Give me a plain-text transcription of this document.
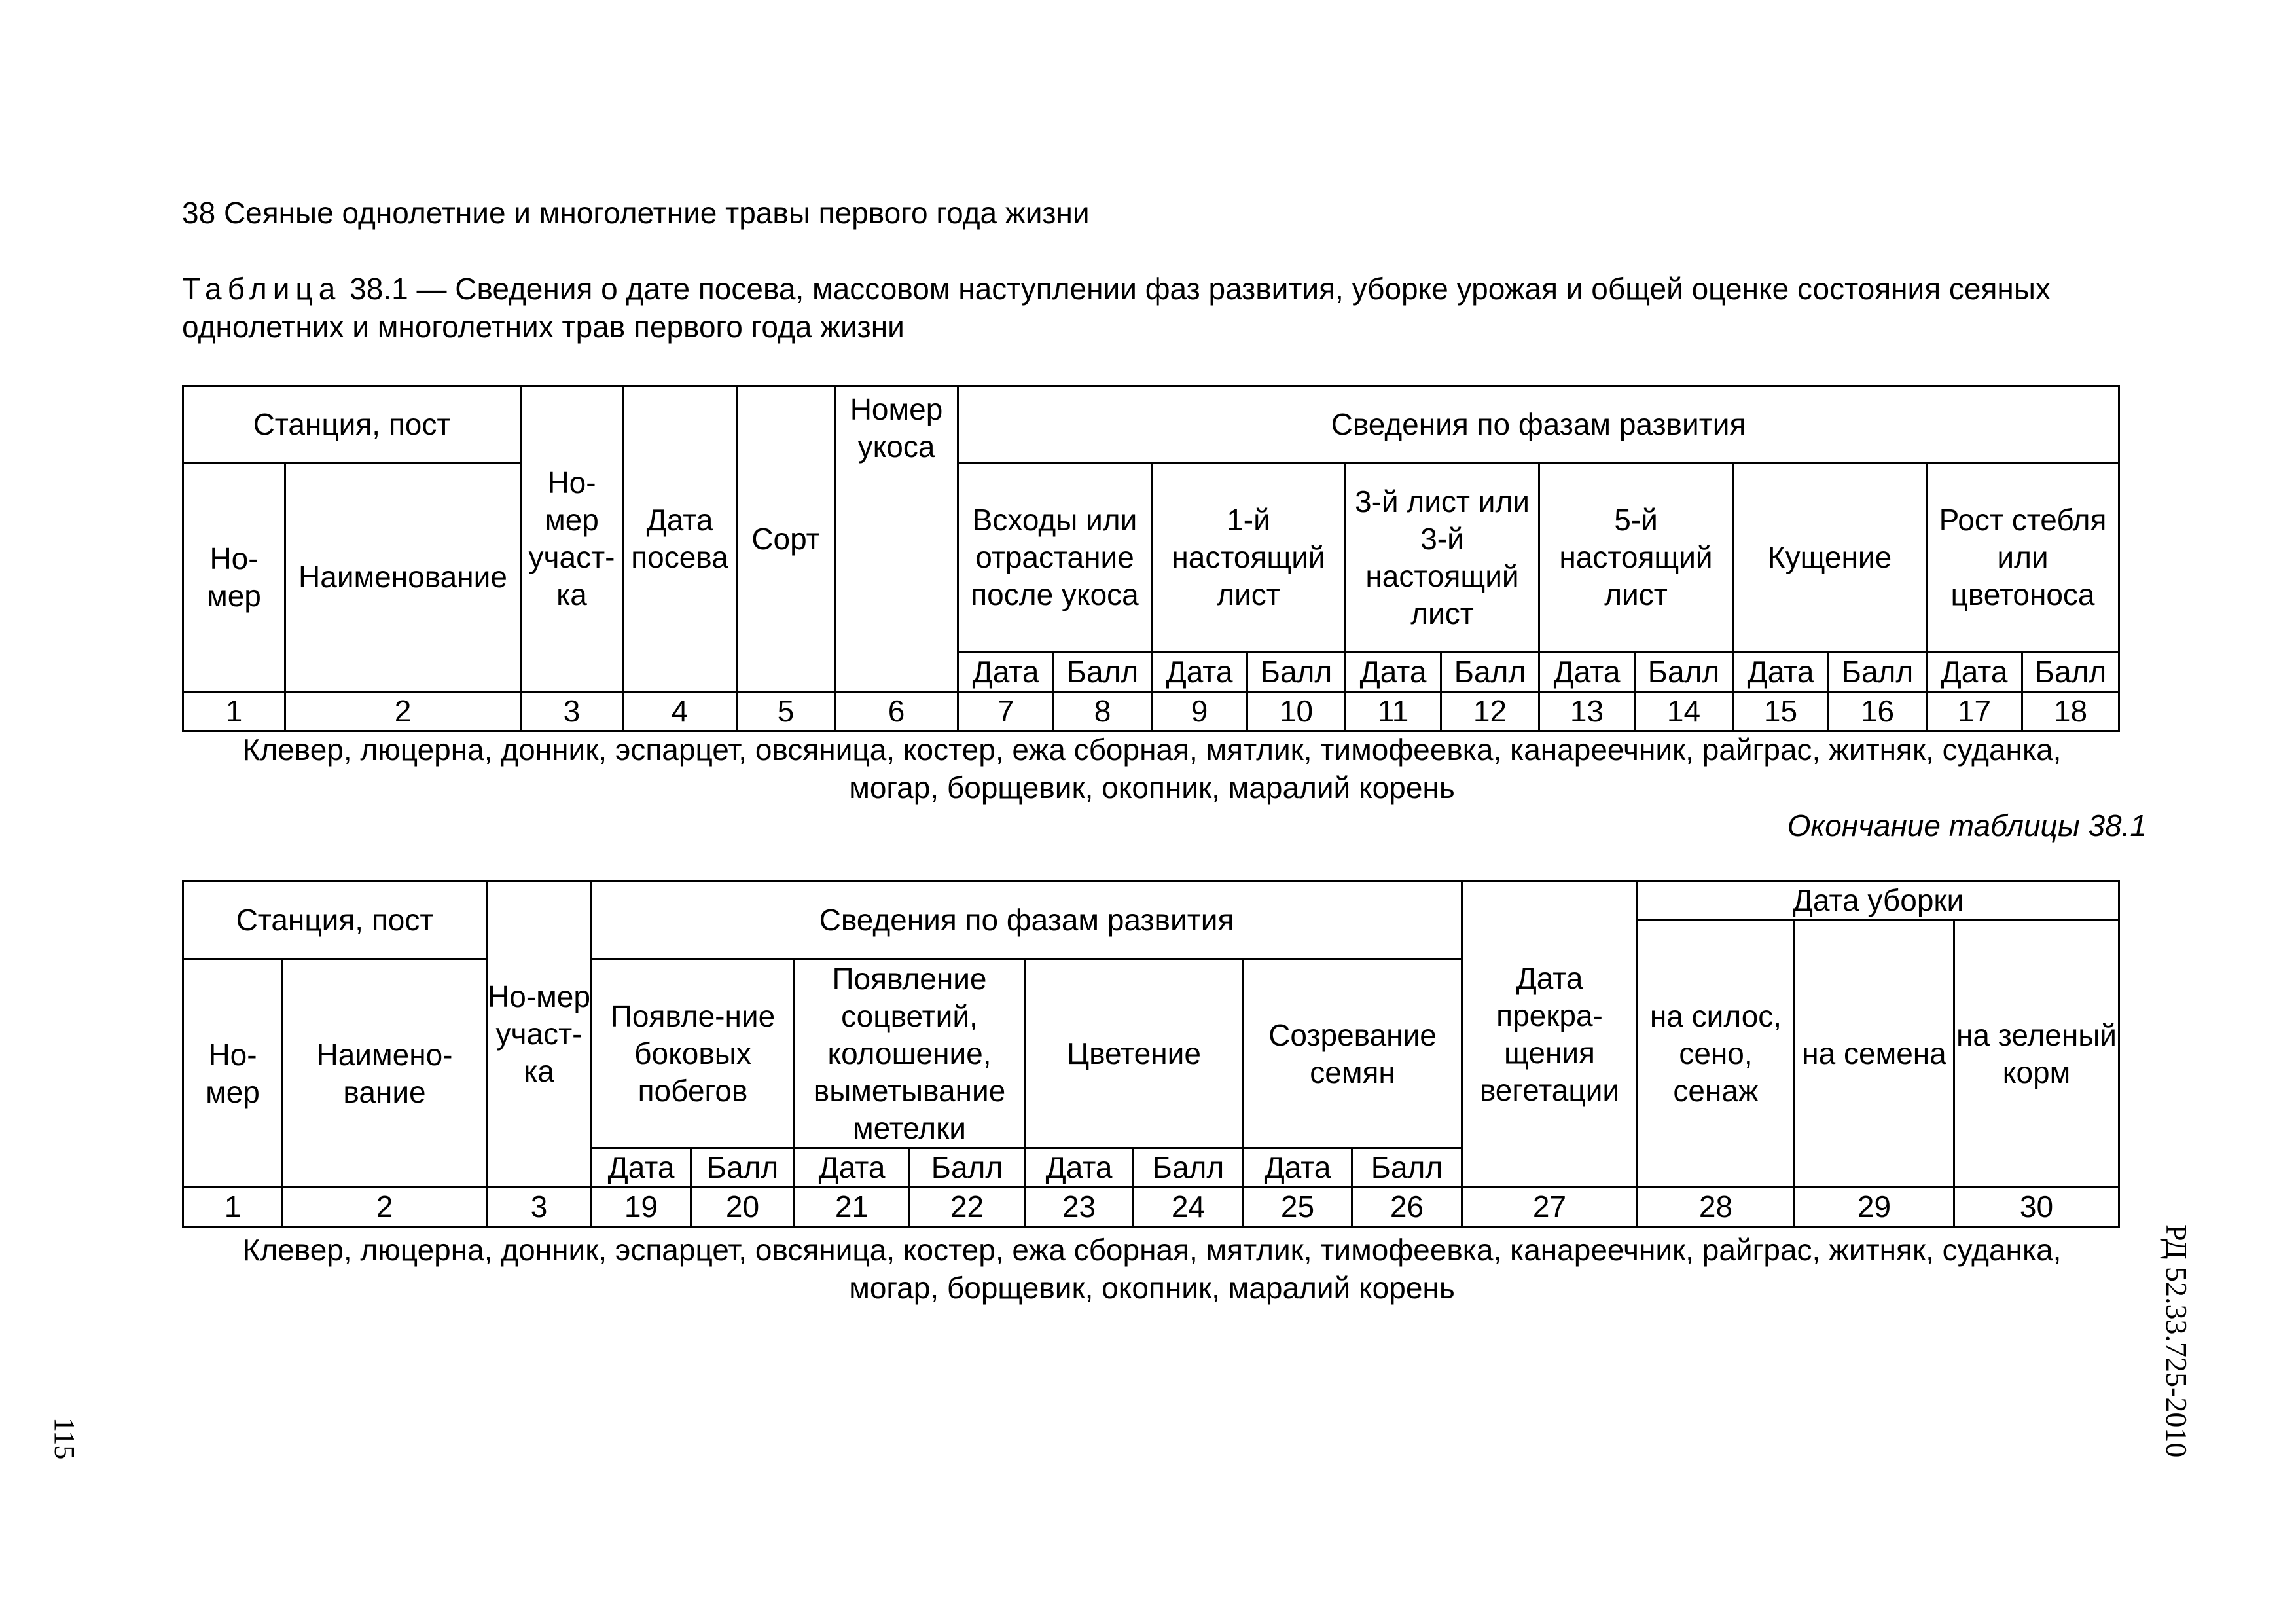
38 Сеяные однолетние и многолетние травы первого года жизни
Таблица 38.1 — Сведения о дате посева, массовом наступлении фаз развития, уборке урожая и общей оценке состояния сеяных однолетних и многолетних трав первого года жизни
Станция, пост		Но-мер участ-ка	Дата посева	Сорт	Номер укоса	Сведения по фазам развития											
Но-мер	Наименование					Всходы или отрастание после укоса		1-й настоящий лист		3-й лист или 3-й настоящий лист		5-й настоящий лист		Кущение		Рост стебля или цветоноса	
						Дата	Балл	Дата	Балл	Дата	Балл	Дата	Балл	Дата	Балл	Дата	Балл
1	2	3	4	5	6	7	8	9	10	11	12	13	14	15	16	17	18
Клевер, люцерна, донник, эспарцет, овсяница, костер, ежа сборная, мятлик, тимофеевка, канареечник, райграс, житняк, суданка, могар, борщевик, окопник, маралий корень
Окончание таблицы 38.1
Станция, пост		Но-мер участ-ка	Сведения по фазам развития								Дата прекра-щения вегетации	Дата уборки		
												на силос, сено, сенаж	на семена	на зеленый корм
Но-мер	Наимено-вание		Появле-ние боковых побегов		Появление соцветий, колошение, выметывание метелки		Цветение		Созревание семян					
			Дата	Балл	Дата	Балл	Дата	Балл	Дата	Балл				
1	2	3	19	20	21	22	23	24	25	26	27	28	29	30
Клевер, люцерна, донник, эспарцет, овсяница, костер, ежа сборная, мятлик, тимофеевка, канареечник, райграс, житняк, суданка, могар, борщевик, окопник, маралий корень
115	РД 52.33.725-2010
